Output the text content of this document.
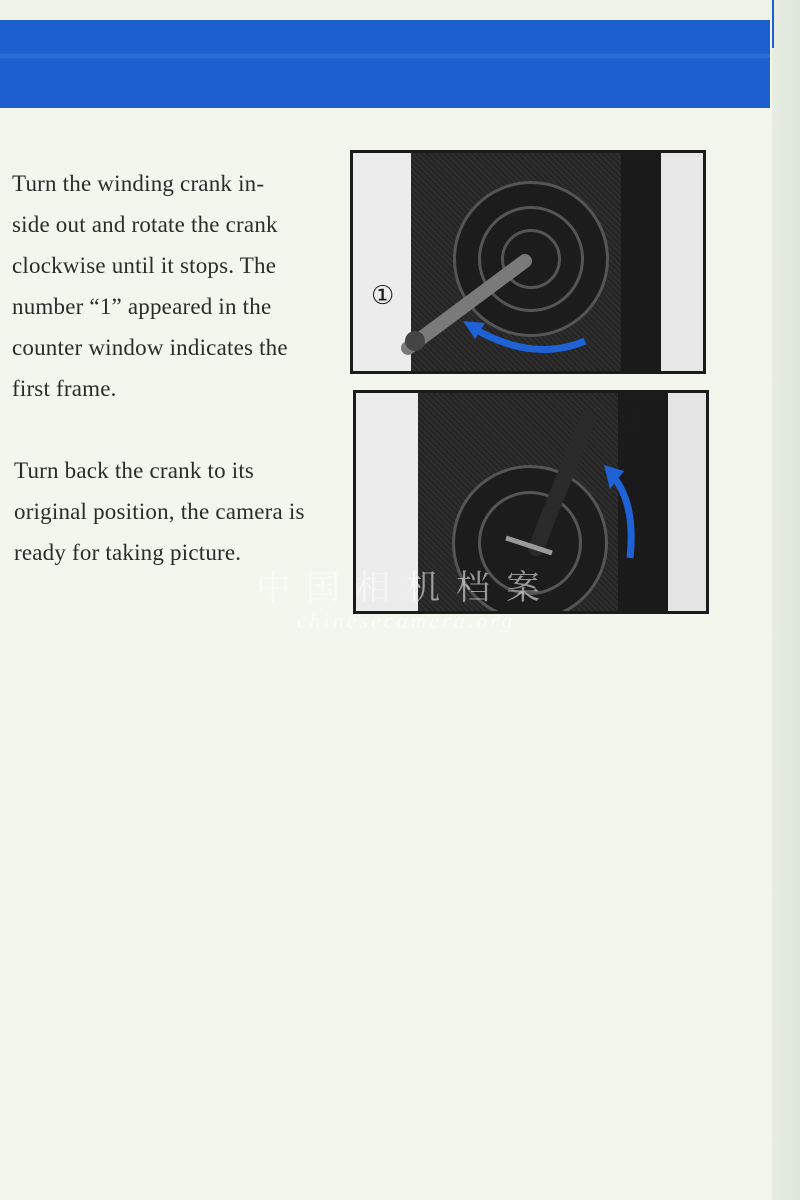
Turn the winding crank in-
side out and rotate the crank
clockwise until it stops. The
number “1” appeared in the
counter window indicates the
first frame.

Turn back the crank to its
original position, the camera is
ready for taking picture.

①
②
中国相机档案
chinesecamera.org
